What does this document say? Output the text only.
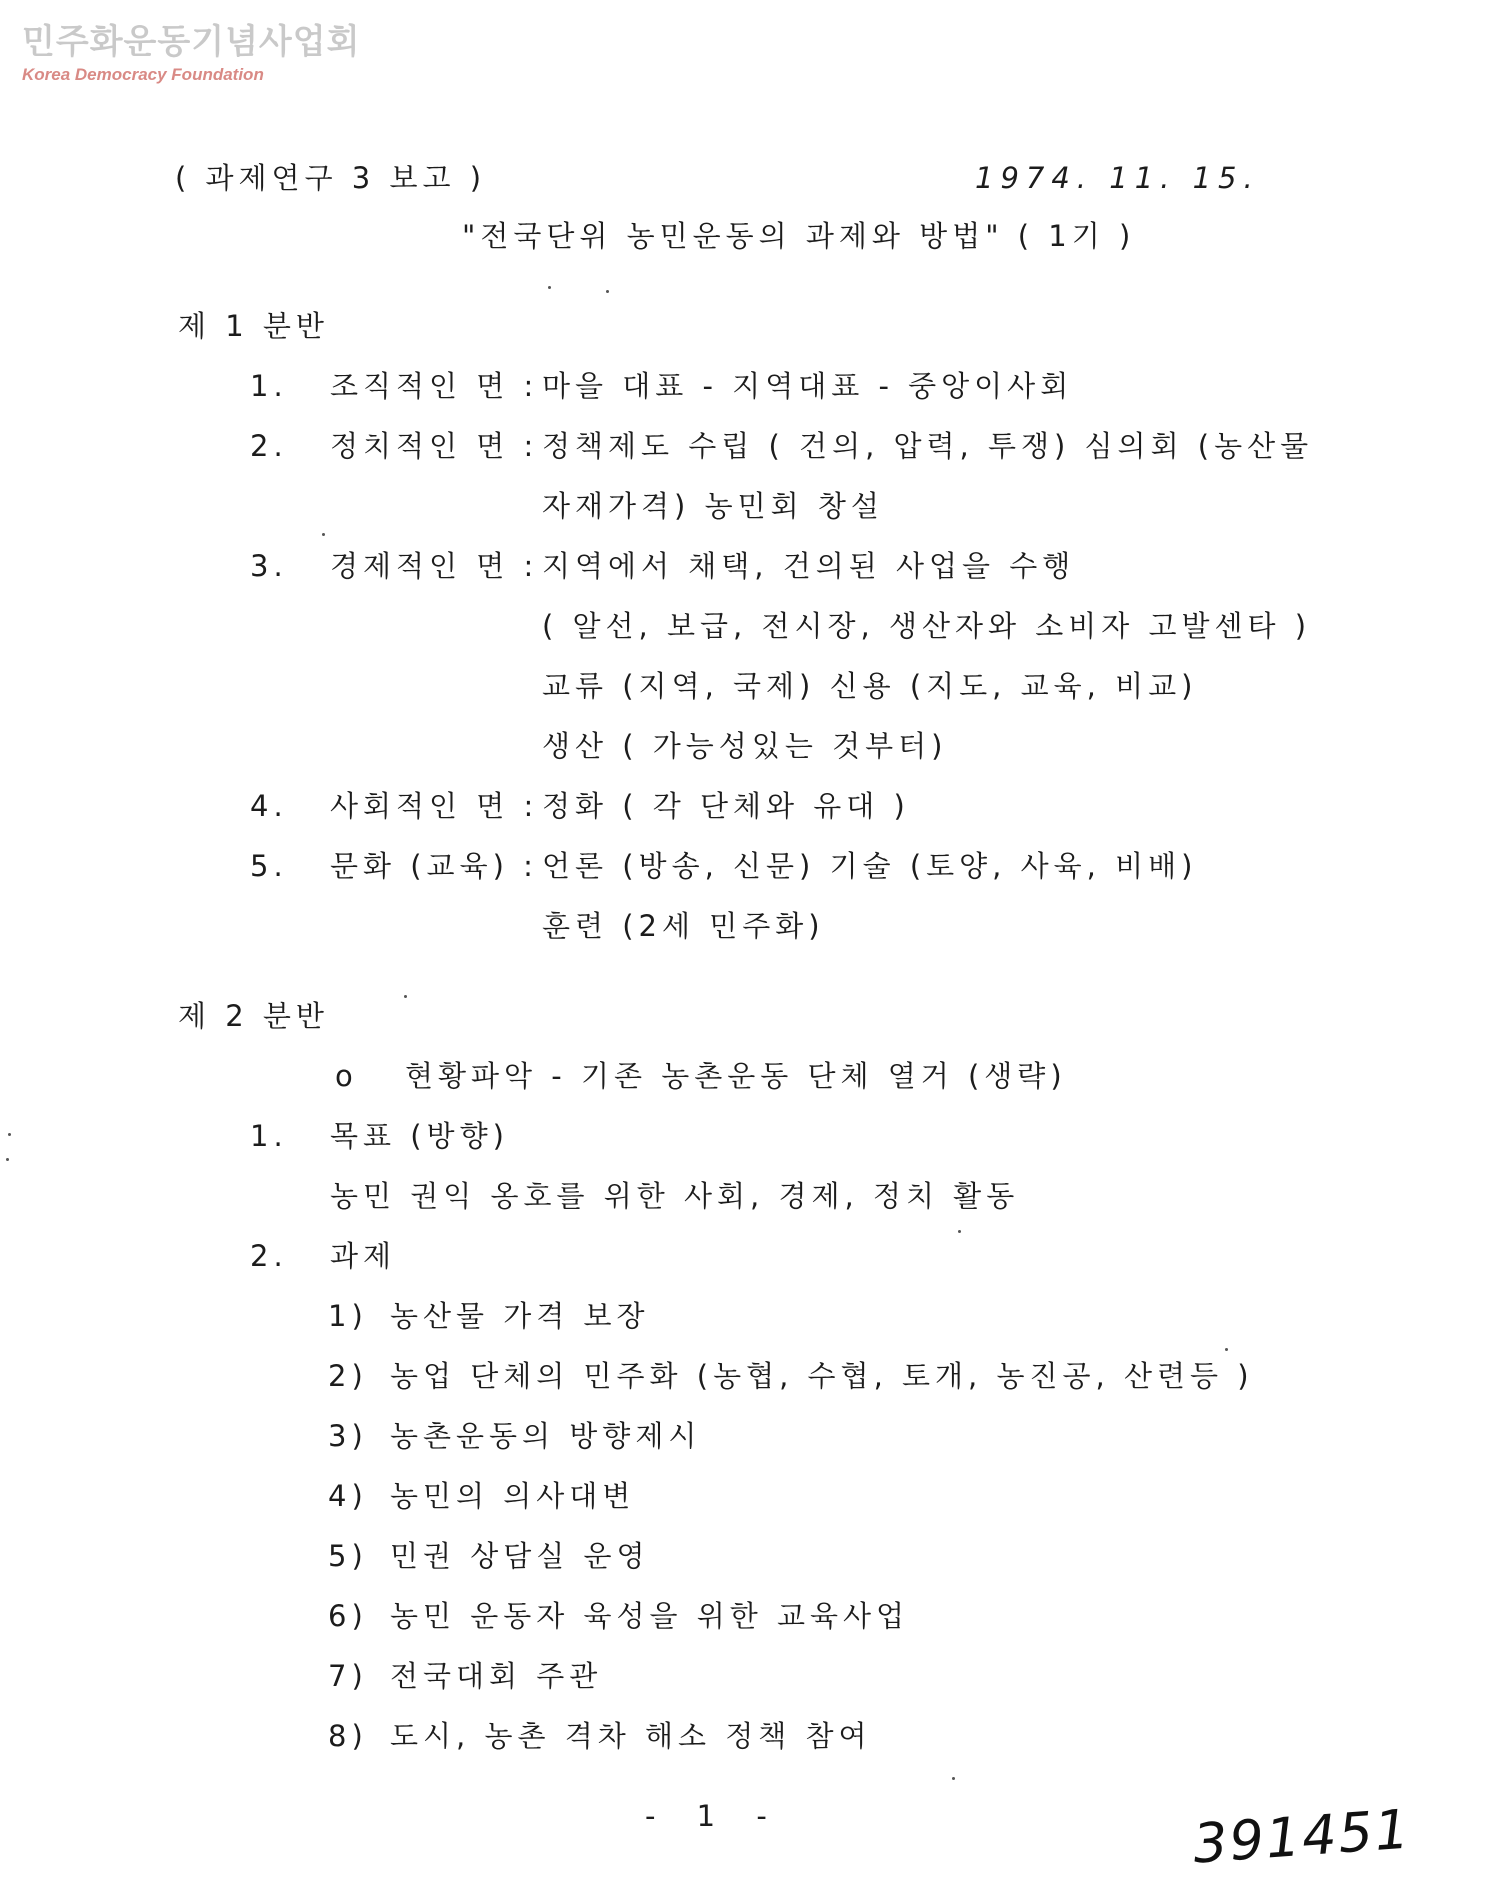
민주화운동기념사업회
Korea Democracy Foundation
( 과제연구 3 보고 )	1974. 11. 15.
"전국단위 농민운동의 과제와 방법" ( 1기 )
제 1 분반
1. 조직적인 면 : 마을 대표 - 지역대표 - 중앙이사회
2. 정치적인 면 : 정책제도 수립 ( 건의, 압력, 투쟁) 심의회 (농산물
자재가격) 농민회 창설
3. 경제적인 면 : 지역에서 채택, 건의된 사업을 수행
( 알선, 보급, 전시장, 생산자와 소비자 고발센타 )
교류 (지역, 국제) 신용 (지도, 교육, 비교)
생산 ( 가능성있는 것부터)
4. 사회적인 면 : 정화 ( 각 단체와 유대 )
5. 문화 (교육) : 언론 (방송, 신문) 기술 (토양, 사육, 비배)
훈련 (2세 민주화)
제 2 분반
o 현황파악 - 기존 농촌운동 단체 열거 (생략)
1. 목표 (방향)
농민 권익 옹호를 위한 사회, 경제, 정치 활동
2. 과제
1) 농산물 가격 보장
2) 농업 단체의 민주화 (농협, 수협, 토개, 농진공, 산련등 )
3) 농촌운동의 방향제시
4) 농민의 의사대변
5) 민권 상담실 운영
6) 농민 운동자 육성을 위한 교육사업
7) 전국대회 주관
8) 도시, 농촌 격차 해소 정책 참여
- 1 -	391451
